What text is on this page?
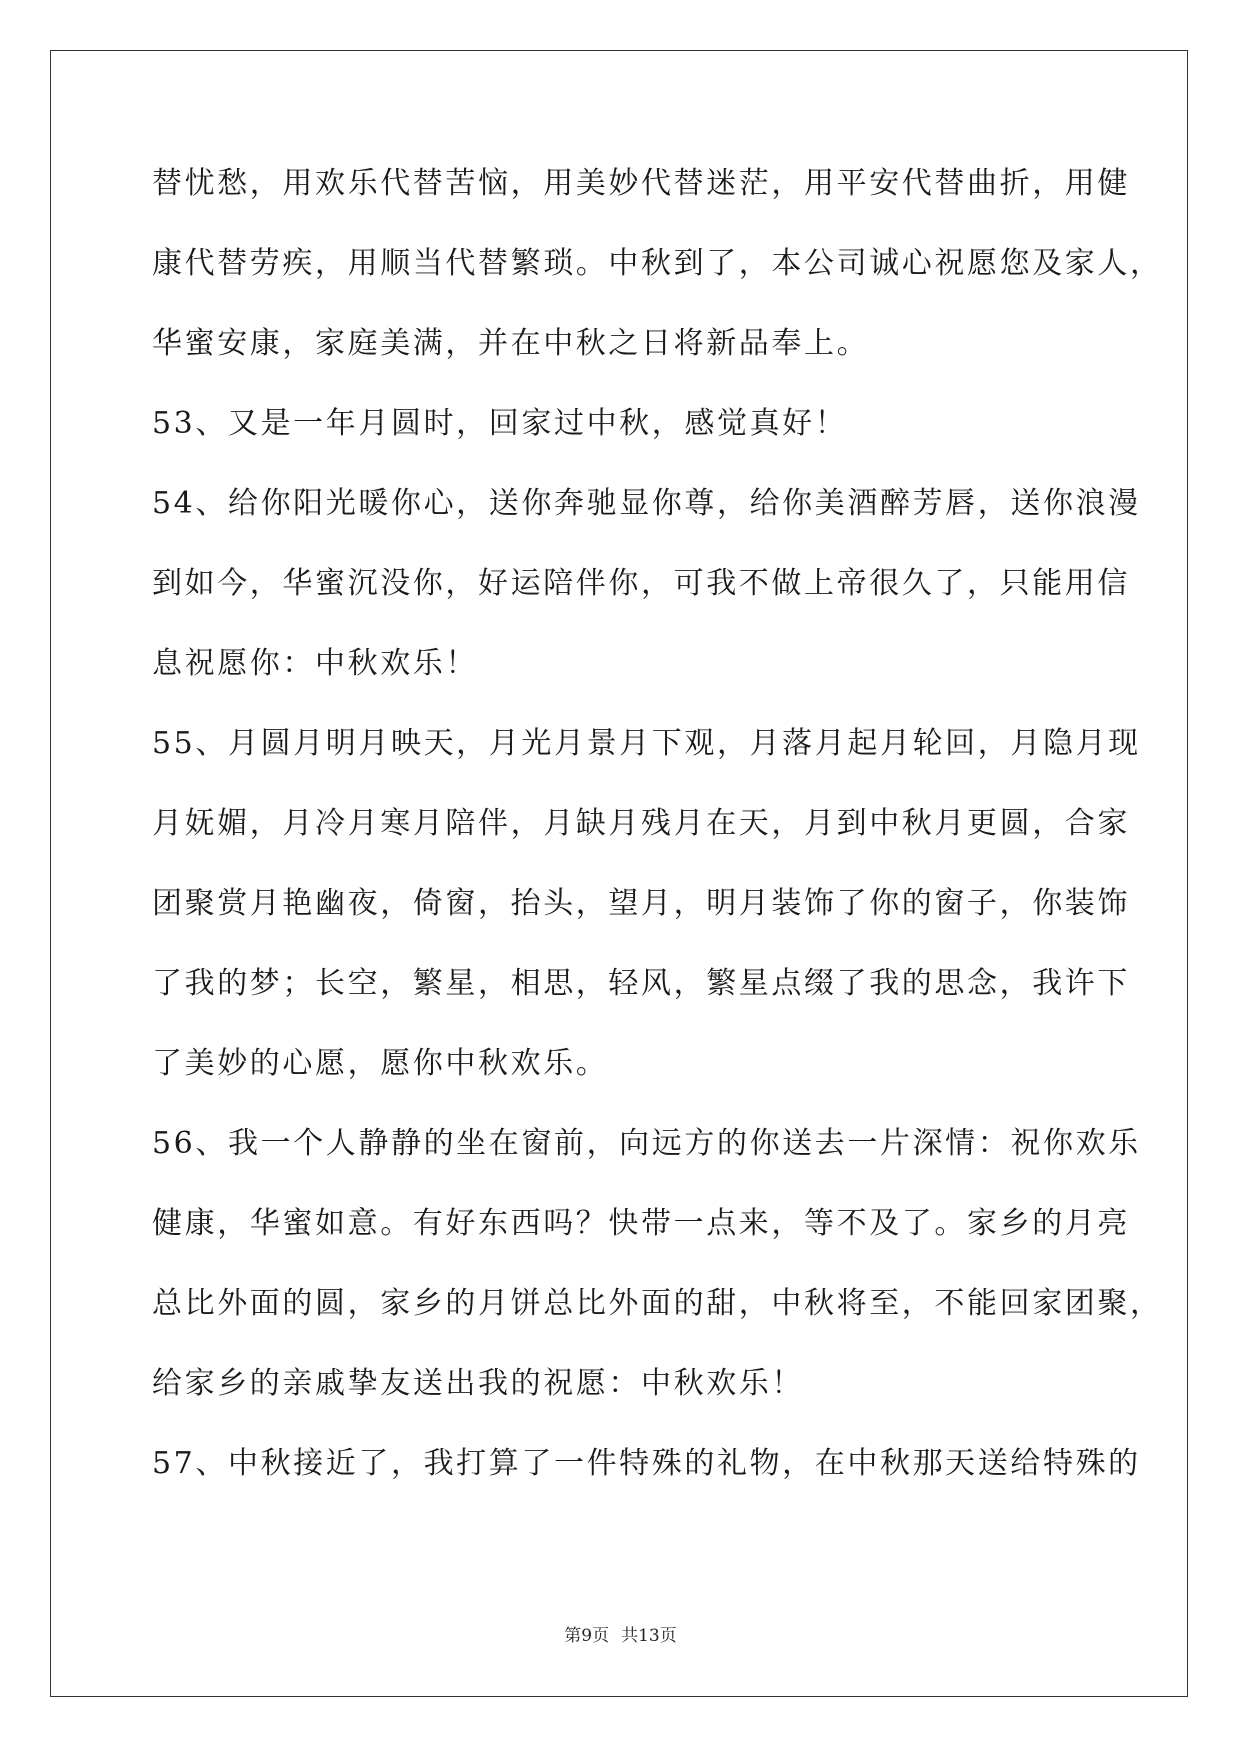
替忧愁，用欢乐代替苦恼，用美妙代替迷茫，用平安代替曲折，用健
康代替劳疾，用顺当代替繁琐。中秋到了，本公司诚心祝愿您及家人，
华蜜安康，家庭美满，并在中秋之日将新品奉上。
53、又是一年月圆时，回家过中秋，感觉真好！
54、给你阳光暖你心，送你奔驰显你尊，给你美酒醉芳唇，送你浪漫
到如今，华蜜沉没你，好运陪伴你，可我不做上帝很久了，只能用信
息祝愿你：中秋欢乐！
55、月圆月明月映天，月光月景月下观，月落月起月轮回，月隐月现
月妩媚，月冷月寒月陪伴，月缺月残月在天，月到中秋月更圆，合家
团聚赏月艳幽夜，倚窗，抬头，望月，明月装饰了你的窗子，你装饰
了我的梦；长空，繁星，相思，轻风，繁星点缀了我的思念，我许下
了美妙的心愿，愿你中秋欢乐。
56、我一个人静静的坐在窗前，向远方的你送去一片深情：祝你欢乐
健康，华蜜如意。有好东西吗？快带一点来，等不及了。家乡的月亮
总比外面的圆，家乡的月饼总比外面的甜，中秋将至，不能回家团聚，
给家乡的亲戚挚友送出我的祝愿：中秋欢乐！
57、中秋接近了，我打算了一件特殊的礼物，在中秋那天送给特殊的
第9页 共13页
